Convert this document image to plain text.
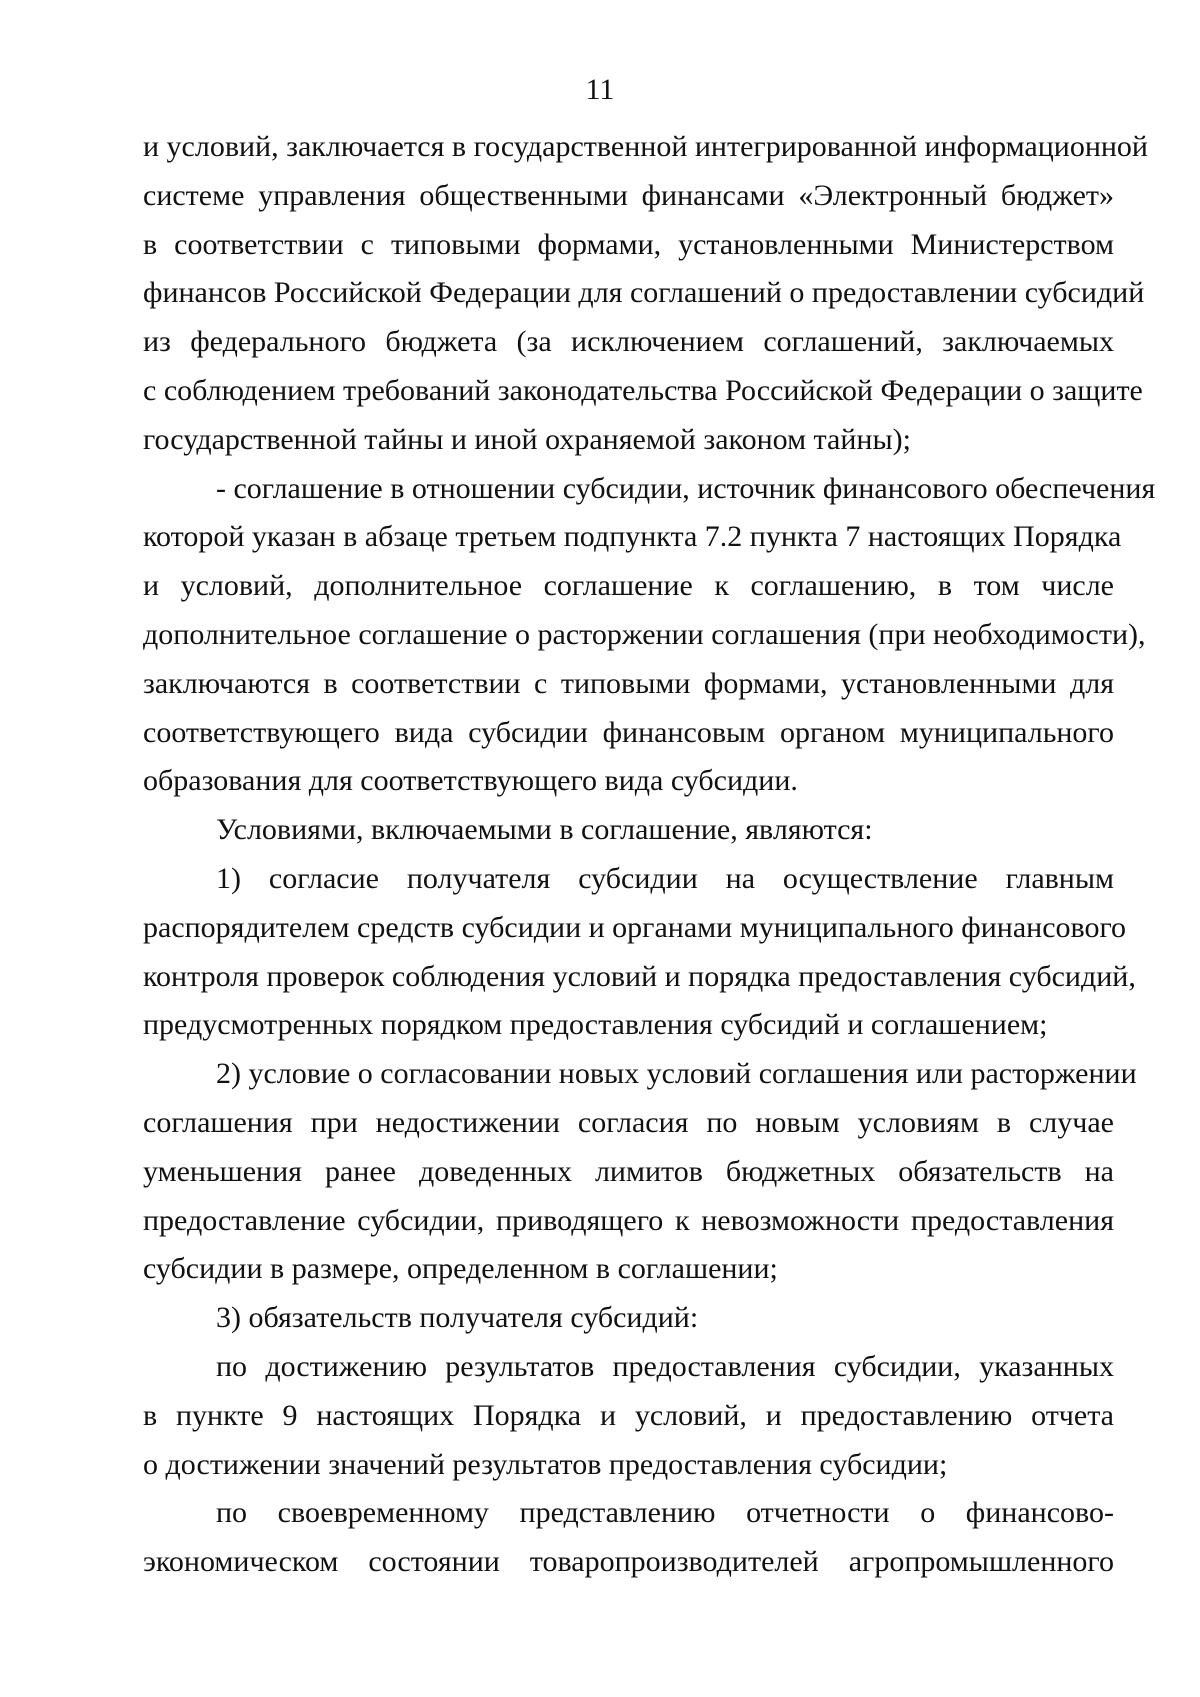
11
и условий, заключается в государственной интегрированной информационной
системе управления общественными финансами «Электронный бюджет»
в соответствии с типовыми формами, установленными Министерством
финансов Российской Федерации для соглашений о предоставлении субсидий
из федерального бюджета (за исключением соглашений, заключаемых
с соблюдением требований законодательства Российской Федерации о защите
государственной тайны и иной охраняемой законом тайны);
- соглашение в отношении субсидии, источник финансового обеспечения
которой указан в абзаце третьем подпункта 7.2 пункта 7 настоящих Порядка
и условий, дополнительное соглашение к соглашению, в том числе
дополнительное соглашение о расторжении соглашения (при необходимости),
заключаются в соответствии с типовыми формами, установленными для
соответствующего вида субсидии финансовым органом муниципального
образования для соответствующего вида субсидии.
Условиями, включаемыми в соглашение, являются:
1) согласие получателя субсидии на осуществление главным
распорядителем средств субсидии и органами муниципального финансового
контроля проверок соблюдения условий и порядка предоставления субсидий,
предусмотренных порядком предоставления субсидий и соглашением;
2) условие о согласовании новых условий соглашения или расторжении
соглашения при недостижении согласия по новым условиям в случае
уменьшения ранее доведенных лимитов бюджетных обязательств на
предоставление субсидии, приводящего к невозможности предоставления
субсидии в размере, определенном в соглашении;
3) обязательств получателя субсидий:
по достижению результатов предоставления субсидии, указанных
в пункте 9 настоящих Порядка и условий, и предоставлению отчета
о достижении значений результатов предоставления субсидии;
по своевременному представлению отчетности о финансово-
экономическом состоянии товаропроизводителей агропромышленного
